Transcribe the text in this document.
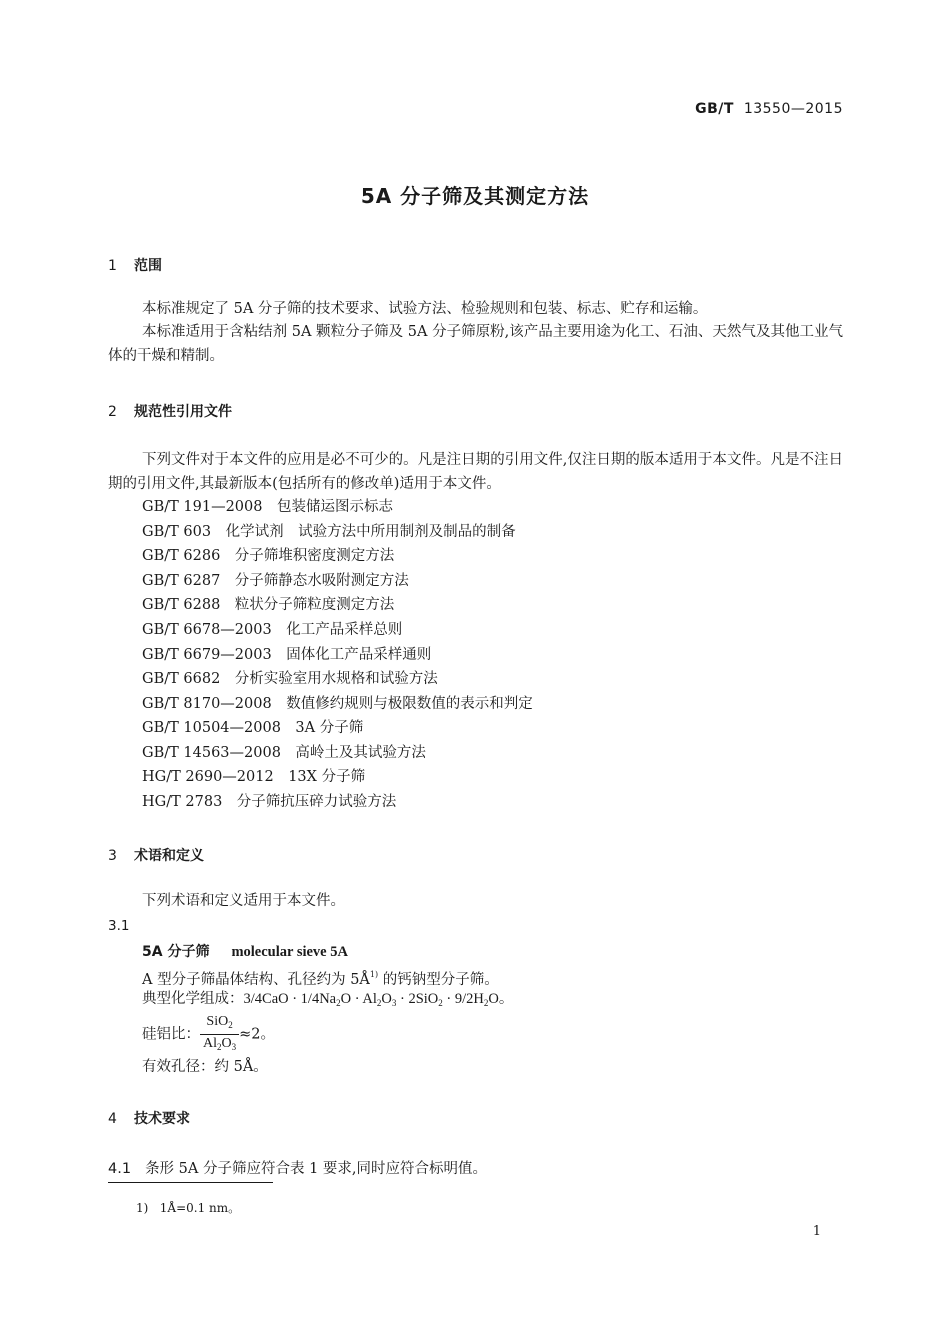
GB/T 13550—2015
5A 分子筛及其测定方法
1 范围
本标准规定了 5A 分子筛的技术要求、试验方法、检验规则和包装、标志、贮存和运输。
本标准适用于含粘结剂 5A 颗粒分子筛及 5A 分子筛原粉,该产品主要用途为化工、石油、天然气及其他工业气体的干燥和精制。
2 规范性引用文件
下列文件对于本文件的应用是必不可少的。凡是注日期的引用文件,仅注日期的版本适用于本文件。凡是不注日期的引用文件,其最新版本(包括所有的修改单)适用于本文件。
GB/T 191—2008　包装储运图示标志
GB/T 603　化学试剂　试验方法中所用制剂及制品的制备
GB/T 6286　分子筛堆积密度测定方法
GB/T 6287　分子筛静态水吸附测定方法
GB/T 6288　粒状分子筛粒度测定方法
GB/T 6678—2003　化工产品采样总则
GB/T 6679—2003　固体化工产品采样通则
GB/T 6682　分析实验室用水规格和试验方法
GB/T 8170—2008　数值修约规则与极限数值的表示和判定
GB/T 10504—2008　3A 分子筛
GB/T 14563—2008　高岭土及其试验方法
HG/T 2690—2012　13X 分子筛
HG/T 2783　分子筛抗压碎力试验方法
3 术语和定义
下列术语和定义适用于本文件。
3.1
5A 分子筛 molecular sieve 5A
A 型分子筛晶体结构、孔径约为 $5Å^{1)}$ 的钙钠型分子筛。
典型化学组成：$3/4CaO \cdot 1/4Na_2O \cdot Al_2O_3 \cdot 2SiO_2 \cdot 9/2H_2O$。
硅铝比： $\frac{SiO_2}{Al_2O_3} \approx 2$。
有效孔径：约 5Å。
4 技术要求
4.1 条形 5A 分子筛应符合表 1 要求,同时应符合标明值。
1) 1Å=0.1 nm。
1
